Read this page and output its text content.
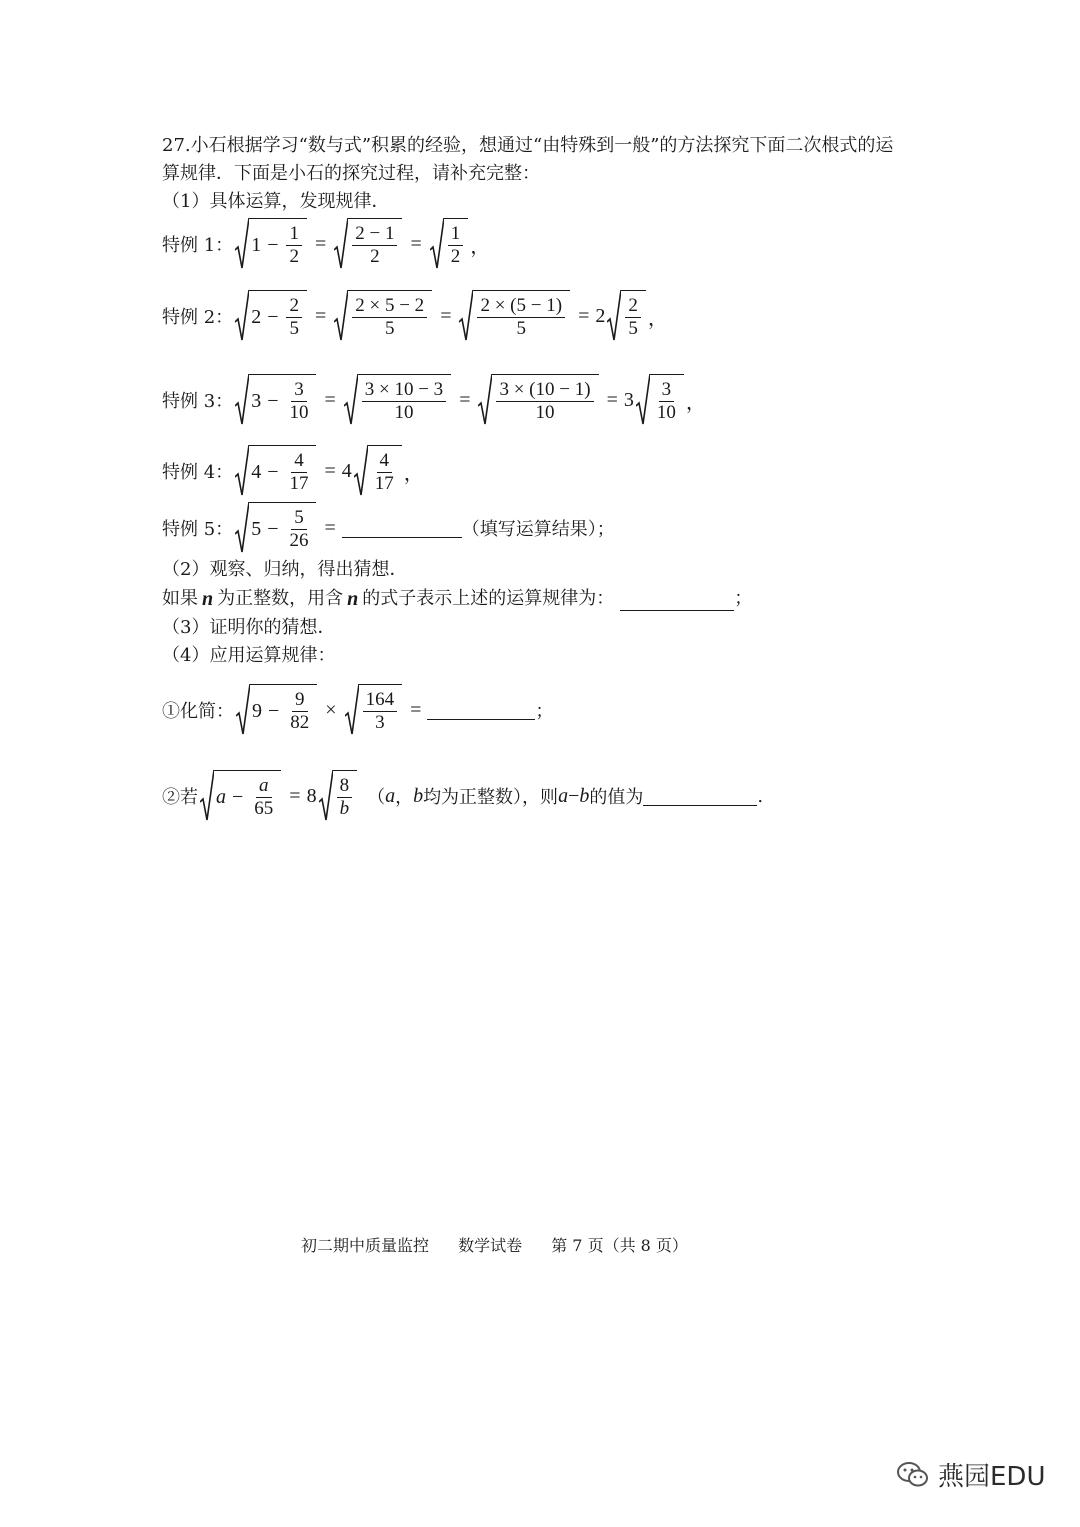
27.小石根据学习“数与式”积累的经验，想通过“由特殊到一般”的方法探究下面二次根式的运
算规律．下面是小石的探究过程，请补充完整：
（1）具体运算，发现规律．
特例 1： $1 - \frac{1}{2} = \frac{2 - 1}{2} = \frac{1}{2}$ ，
特例 2： $2 - \frac{2}{5} = \frac{2 \times 5 - 2}{5} = \frac{2 \times (5 - 1)}{5} = 2 \frac{2}{5}$ ，
特例 3： $3 - \frac{3}{10} = \frac{3 \times 10 - 3}{10} = \frac{3 \times (10 - 1)}{10} = 3 \frac{3}{10}$ ，
特例 4： $4 - \frac{4}{17} = 4 \frac{4}{17}$ ，
特例 5： $5 - \frac{5}{26}$ =	（填写运算结果）；
（2）观察、归纳，得出猜想．
如果 n 为正整数，用含 n 的式子表示上述的运算规律为：	；
（3）证明你的猜想．
（4）应用运算规律：
①化简： $9 - \frac{9}{82} \times \frac{164}{3}$ =	；
②若 $a - \frac{a}{65} = 8 \frac{8}{b}$ （ a ， b 均为正整数），则 a − b 的值为	.
初二期中质量监控 数学试卷 第 7 页（共 8 页）
燕园EDU
